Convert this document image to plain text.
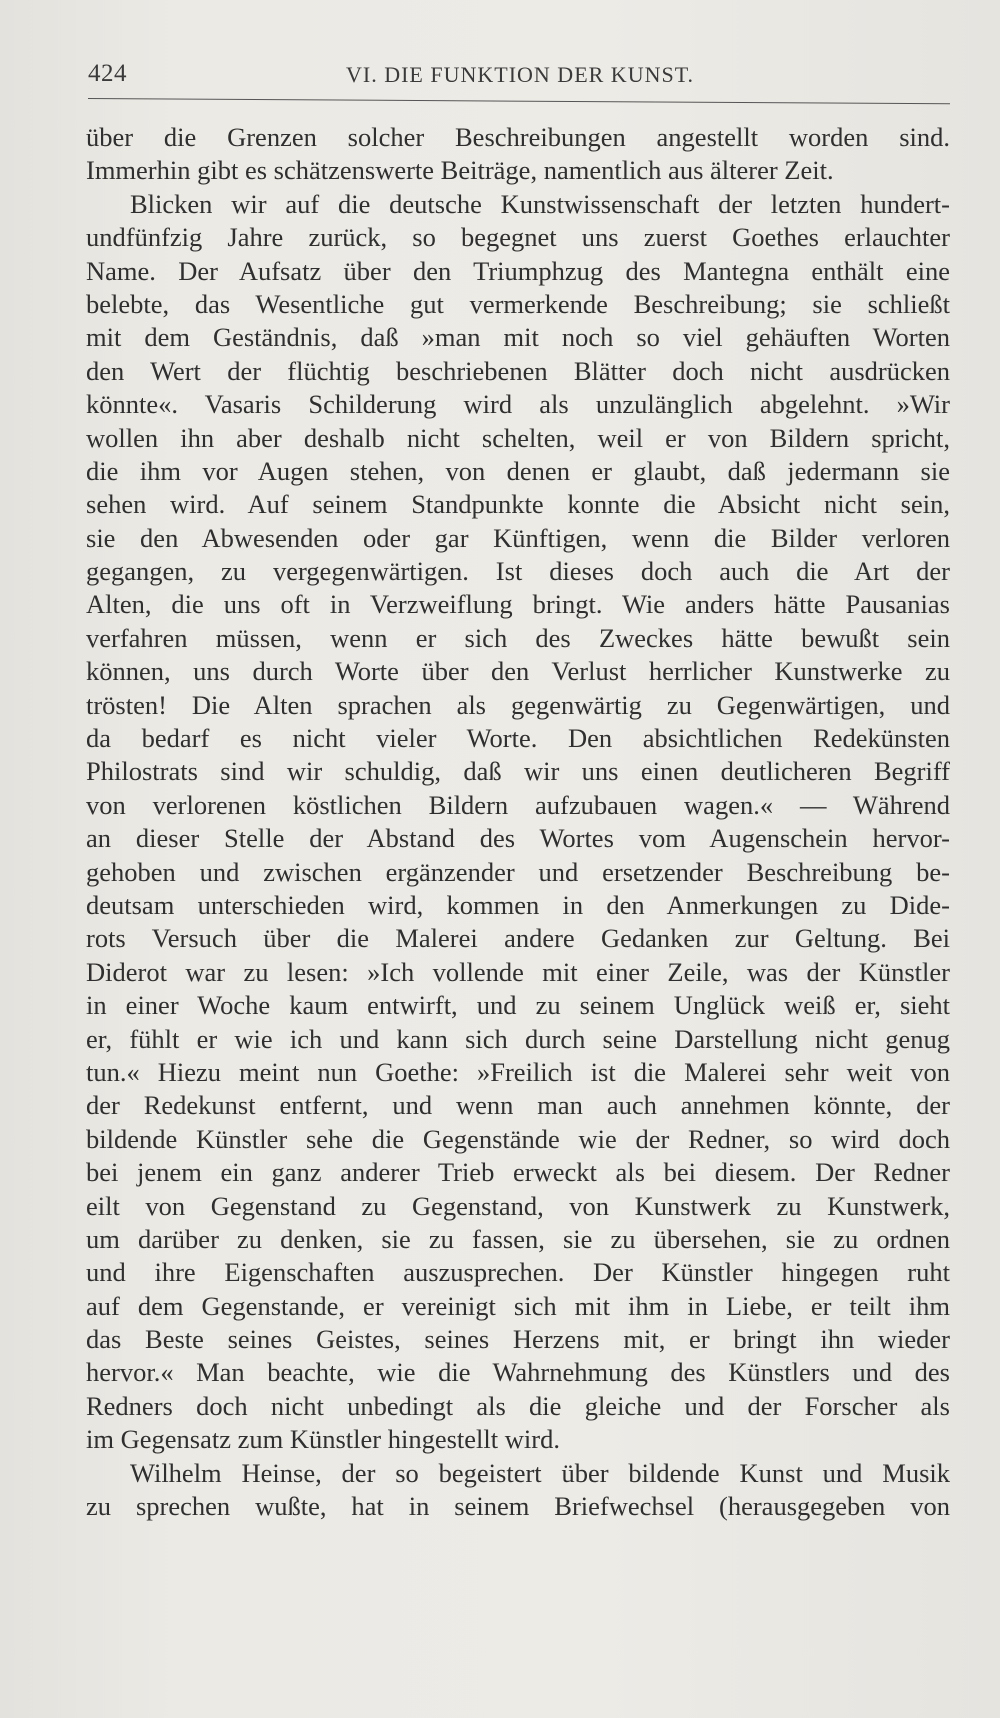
424	VI. DIE FUNKTION DER KUNST.
über die Grenzen solcher Beschreibungen angestellt worden sind.
Immerhin gibt es schätzenswerte Beiträge, namentlich aus älterer Zeit.
Blicken wir auf die deutsche Kunstwissenschaft der letzten hundert-
undfünfzig Jahre zurück, so begegnet uns zuerst Goethes erlauchter
Name. Der Aufsatz über den Triumphzug des Mantegna enthält eine
belebte, das Wesentliche gut vermerkende Beschreibung; sie schließt
mit dem Geständnis, daß »man mit noch so viel gehäuften Worten
den Wert der flüchtig beschriebenen Blätter doch nicht ausdrücken
könnte«. Vasaris Schilderung wird als unzulänglich abgelehnt. »Wir
wollen ihn aber deshalb nicht schelten, weil er von Bildern spricht,
die ihm vor Augen stehen, von denen er glaubt, daß jedermann sie
sehen wird. Auf seinem Standpunkte konnte die Absicht nicht sein,
sie den Abwesenden oder gar Künftigen, wenn die Bilder verloren
gegangen, zu vergegenwärtigen. Ist dieses doch auch die Art der
Alten, die uns oft in Verzweiflung bringt. Wie anders hätte Pausanias
verfahren müssen, wenn er sich des Zweckes hätte bewußt sein
können, uns durch Worte über den Verlust herrlicher Kunstwerke zu
trösten! Die Alten sprachen als gegenwärtig zu Gegenwärtigen, und
da bedarf es nicht vieler Worte. Den absichtlichen Redekünsten
Philostrats sind wir schuldig, daß wir uns einen deutlicheren Begriff
von verlorenen köstlichen Bildern aufzubauen wagen.« — Während
an dieser Stelle der Abstand des Wortes vom Augenschein hervor-
gehoben und zwischen ergänzender und ersetzender Beschreibung be-
deutsam unterschieden wird, kommen in den Anmerkungen zu Dide-
rots Versuch über die Malerei andere Gedanken zur Geltung. Bei
Diderot war zu lesen: »Ich vollende mit einer Zeile, was der Künstler
in einer Woche kaum entwirft, und zu seinem Unglück weiß er, sieht
er, fühlt er wie ich und kann sich durch seine Darstellung nicht genug
tun.« Hiezu meint nun Goethe: »Freilich ist die Malerei sehr weit von
der Redekunst entfernt, und wenn man auch annehmen könnte, der
bildende Künstler sehe die Gegenstände wie der Redner, so wird doch
bei jenem ein ganz anderer Trieb erweckt als bei diesem. Der Redner
eilt von Gegenstand zu Gegenstand, von Kunstwerk zu Kunstwerk,
um darüber zu denken, sie zu fassen, sie zu übersehen, sie zu ordnen
und ihre Eigenschaften auszusprechen. Der Künstler hingegen ruht
auf dem Gegenstande, er vereinigt sich mit ihm in Liebe, er teilt ihm
das Beste seines Geistes, seines Herzens mit, er bringt ihn wieder
hervor.« Man beachte, wie die Wahrnehmung des Künstlers und des
Redners doch nicht unbedingt als die gleiche und der Forscher als
im Gegensatz zum Künstler hingestellt wird.
Wilhelm Heinse, der so begeistert über bildende Kunst und Musik
zu sprechen wußte, hat in seinem Briefwechsel (herausgegeben von
